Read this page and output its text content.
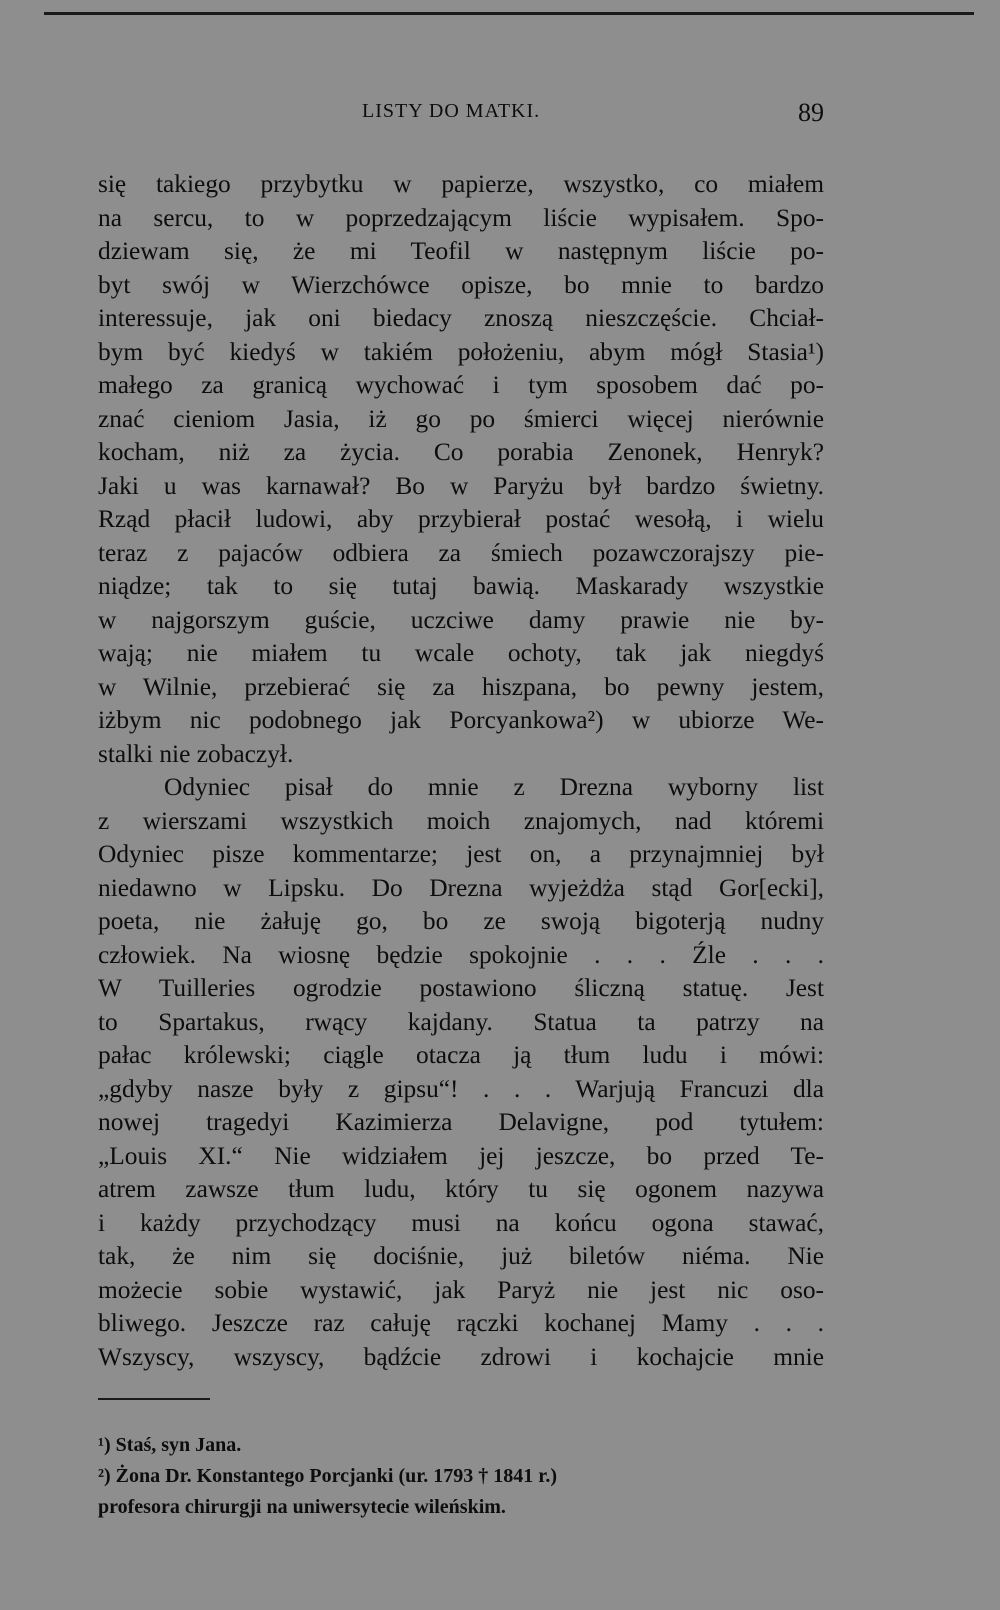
LISTY DO MATKI.	89
się takiego przybytku w papierze, wszystko, co miałem
na sercu, to w poprzedzającym liście wypisałem. Spo-
dziewam się, że mi Teofil w następnym liście po-
byt swój w Wierzchówce opisze, bo mnie to bardzo
interessuje, jak oni biedacy znoszą nieszczęście. Chciał-
bym być kiedyś w takiém położeniu, abym mógł Stasia¹)
małego za granicą wychować i tym sposobem dać po-
znać cieniom Jasia, iż go po śmierci więcej nierównie
kocham, niż za życia. Co porabia Zenonek, Henryk?
Jaki u was karnawał? Bo w Paryżu był bardzo świetny.
Rząd płacił ludowi, aby przybierał postać wesołą, i wielu
teraz z pajaców odbiera za śmiech pozawczorajszy pie-
niądze; tak to się tutaj bawią. Maskarady wszystkie
w najgorszym guście, uczciwe damy prawie nie by-
wają; nie miałem tu wcale ochoty, tak jak niegdyś
w Wilnie, przebierać się za hiszpana, bo pewny jestem,
iżbym nic podobnego jak Porcyankowa²) w ubiorze We-
stalki nie zobaczył.
Odyniec pisał do mnie z Drezna wyborny list
z wierszami wszystkich moich znajomych, nad któremi
Odyniec pisze kommentarze; jest on, a przynajmniej był
niedawno w Lipsku. Do Drezna wyjeżdża stąd Gor[ecki],
poeta, nie żałuję go, bo ze swoją bigoterją nudny
człowiek. Na wiosnę będzie spokojnie . . . Źle . . .
W Tuilleries ogrodzie postawiono śliczną statuę. Jest
to Spartakus, rwący kajdany. Statua ta patrzy na
pałac królewski; ciągle otacza ją tłum ludu i mówi:
„gdyby nasze były z gipsu“! . . . Warjują Francuzi dla
nowej tragedyi Kazimierza Delavigne, pod tytułem:
„Louis XI.“ Nie widziałem jej jeszcze, bo przed Te-
atrem zawsze tłum ludu, który tu się ogonem nazywa
i każdy przychodzący musi na końcu ogona stawać,
tak, że nim się dociśnie, już biletów niéma. Nie
możecie sobie wystawić, jak Paryż nie jest nic oso-
bliwego. Jeszcze raz całuję rączki kochanej Mamy . . .
Wszyscy, wszyscy, bądźcie zdrowi i kochajcie mnie
¹) Staś, syn Jana.
²) Żona Dr. Konstantego Porcjanki (ur. 1793 † 1841 r.)
profesora chirurgji na uniwersytecie wileńskim.
